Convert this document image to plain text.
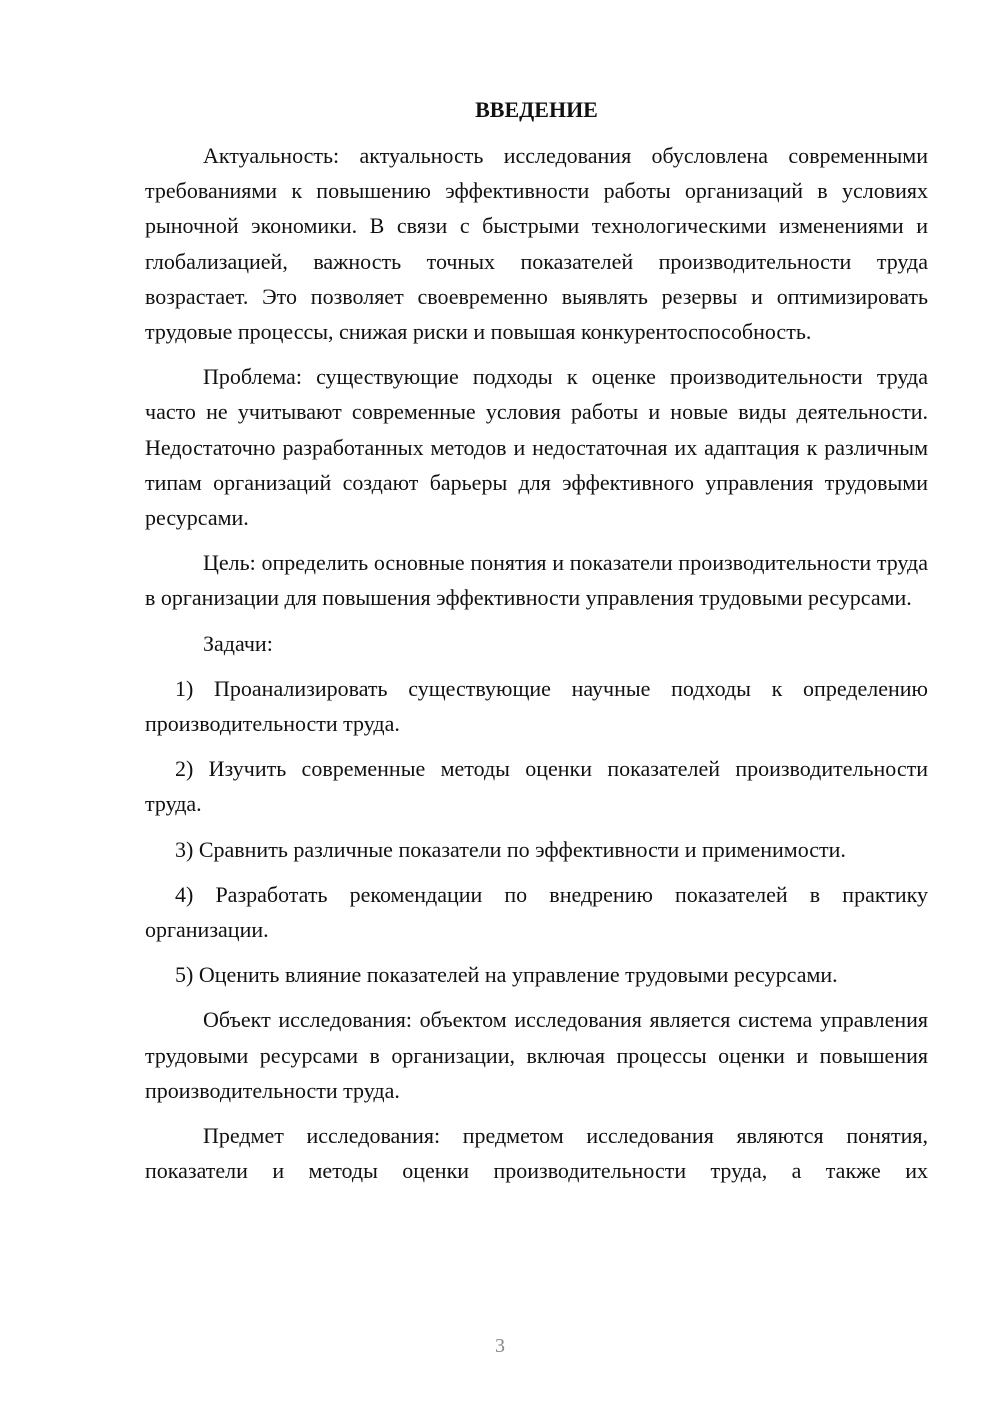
ВВЕДЕНИЕ

Актуальность: актуальность исследования обусловлена современными требованиями к повышению эффективности работы организаций в условиях рыночной экономики. В связи с быстрыми технологическими изменениями и глобализацией, важность точных показателей производительности труда возрастает. Это позволяет своевременно выявлять резервы и оптимизировать трудовые процессы, снижая риски и повышая конкурентоспособность.

Проблема: существующие подходы к оценке производительности труда часто не учитывают современные условия работы и новые виды деятельности. Недостаточно разработанных методов и недостаточная их адаптация к различным типам организаций создают барьеры для эффективного управления трудовыми ресурсами.

Цель: определить основные понятия и показатели производительности труда в организации для повышения эффективности управления трудовыми ресурсами.

Задачи:

1) Проанализировать существующие научные подходы к определению производительности труда.

2) Изучить современные методы оценки показателей производительности труда.

3) Сравнить различные показатели по эффективности и применимости.

4) Разработать рекомендации по внедрению показателей в практику организации.

5) Оценить влияние показателей на управление трудовыми ресурсами.

Объект исследования: объектом исследования является система управления трудовыми ресурсами в организации, включая процессы оценки и повышения производительности труда.

Предмет исследования: предметом исследования являются понятия, показатели и методы оценки производительности труда, а также их

3
